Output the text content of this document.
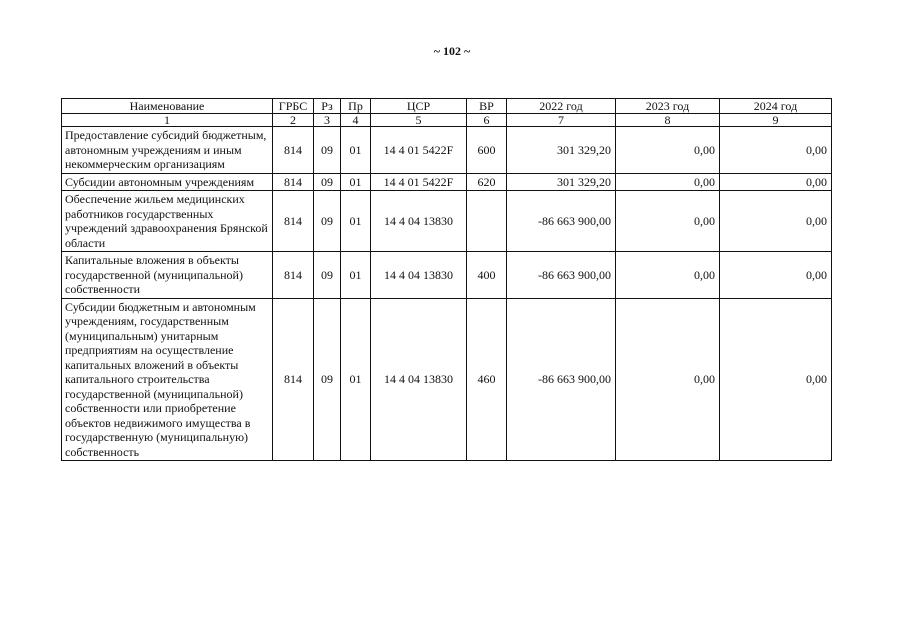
~ 102 ~
Наименование	ГРБС	Рз	Пр	ЦСР	ВР	2022 год	2023 год	2024 год
1	2	3	4	5	6	7	8	9
Предоставление субсидий бюджетным, автономным учреждениям и иным некоммерческим организациям	814	09	01	14 4 01 5422F	600	301 329,20	0,00	0,00
Субсидии автономным учреждениям	814	09	01	14 4 01 5422F	620	301 329,20	0,00	0,00
Обеспечение жильем медицинских работников государственных учреждений здравоохранения Брянской области	814	09	01	14 4 04 13830		-86 663 900,00	0,00	0,00
Капитальные вложения в объекты государственной (муниципальной) собственности	814	09	01	14 4 04 13830	400	-86 663 900,00	0,00	0,00
Субсидии бюджетным и автономным учреждениям, государственным (муниципальным) унитарным предприятиям на осуществление капитальных вложений в объекты капитального строительства государственной (муниципальной) собственности или приобретение объектов недвижимого имущества в государственную (муниципальную) собственность	814	09	01	14 4 04 13830	460	-86 663 900,00	0,00	0,00
